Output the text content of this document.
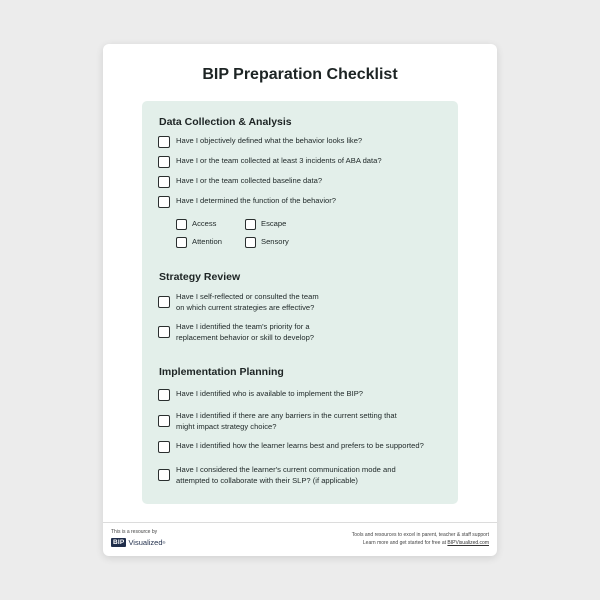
BIP Preparation Checklist
Data Collection & Analysis
Have I objectively defined what the behavior looks like?
Have I or the team collected at least 3 incidents of ABA data?
Have I or the team collected baseline data?
Have I determined the function of the behavior?
Access	Escape
Attention	Sensory
Strategy Review
Have I self-reflected or consulted the team
on which current strategies are effective?
Have I identified the team's priority for a
replacement behavior or skill to develop?
Implementation Planning
Have I identified who is available to implement the BIP?
Have I identified if there are any barriers in the current setting that
might impact strategy choice?
Have I identified how the learner learns best and prefers to be supported?
Have I considered the learner's current communication mode and
attempted to collaborate with their SLP? (if applicable)
This is a resource by
BIP Visualized ®
Tools and resources to excel in parent, teacher & staff support
Learn more and get started for free at BIPVisualized.com
